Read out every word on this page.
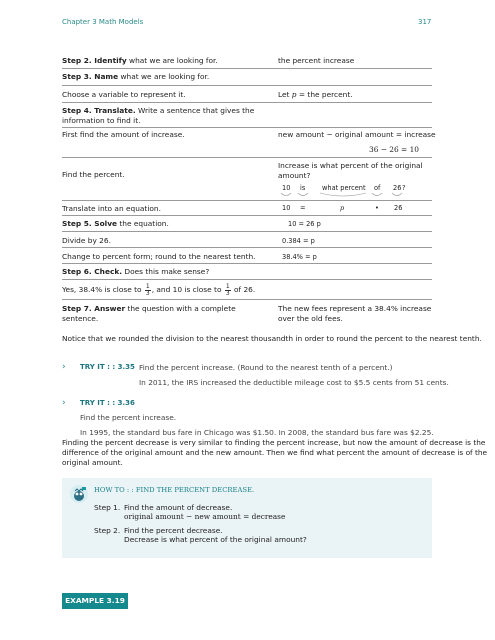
Chapter 3 Math Models	317
Step 2. Identify what we are looking for.	the percent increase
Step 3. Name what we are looking for.
Choose a variable to represent it.	Let p = the percent.
Step 4. Translate. Write a sentence that gives the
information to find it.
First find the amount of increase.	new amount − original amount = increase
36 − 26 = 10
Find the percent.
Increase is what percent of the original
amount?
10 is	what percent of 26 ?
Translate into an equation.	10 =	p	• 26
Step 5. Solve the equation.	10 = 26 p
Divide by 26.	0.384 = p
Change to percent form; round to the nearest tenth.	38.4% = p
Step 6. Check. Does this make sense?
Yes, 38.4% is close to $\frac{1}{3}$ , and 10 is close to $\frac{1}{3}$ of 26.
Step 7. Answer the question with a complete
sentence.
The new fees represent a 38.4% increase
over the old fees.
Notice that we rounded the division to the nearest thousandth in order to round the percent to the nearest tenth.
›	TRY IT : : 3.35 Find the percent increase. (Round to the nearest tenth of a percent.)
In 2011, the IRS increased the deductible mileage cost to $5.5 cents from 51 cents.
›	TRY IT : : 3.36
Find the percent increase.
In 1995, the standard bus fare in Chicago was $1.50. In 2008, the standard bus fare was $2.25.
Finding the percent decrease is very similar to finding the percent increase, but now the amount of decrease is the
difference of the original amount and the new amount. Then we find what percent the amount of decrease is of the
original amount.
HOW TO : : FIND THE PERCENT DECREASE.
Step 1. Find the amount of decrease.
original amount − new amount = decrease
Step 2. Find the percent decrease.
Decrease is what percent of the original amount?
EXAMPLE 3.19
